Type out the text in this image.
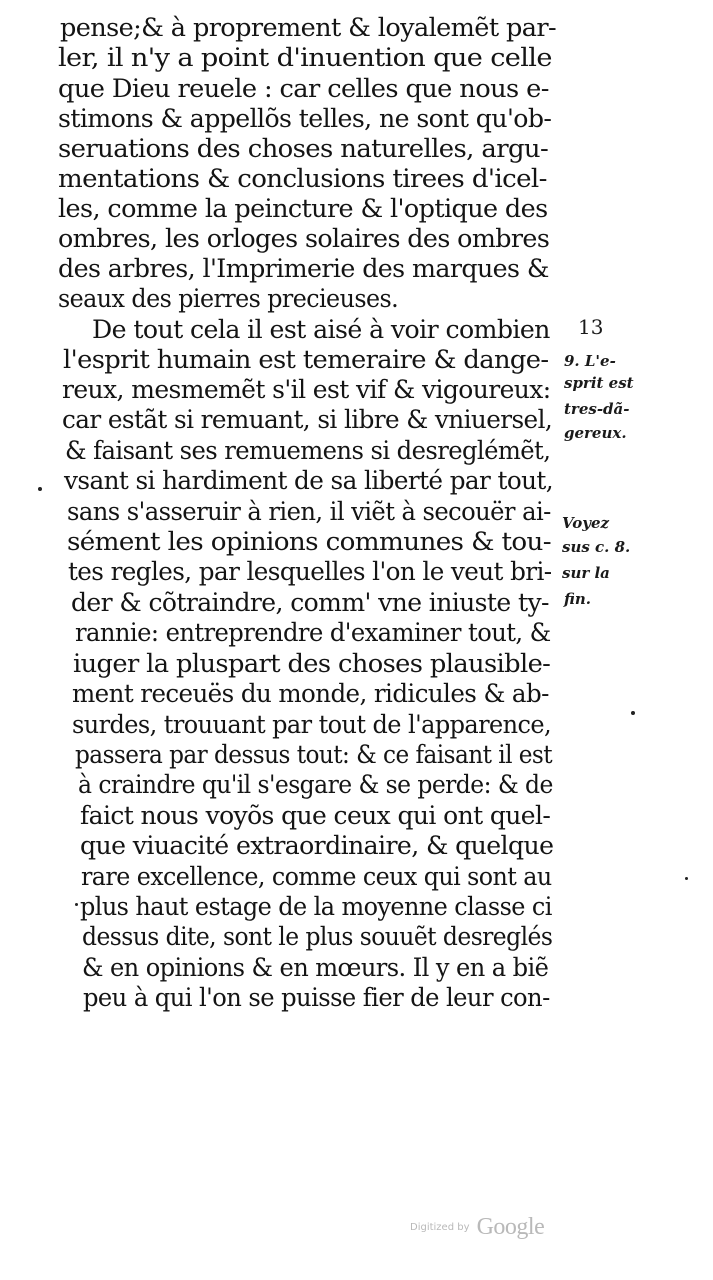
pense;& à proprement & loyalemẽt par-
ler, il n'y a point d'inuention que celle
que Dieu reuele : car celles que nous e-
stimons & appellõs telles, ne sont qu'ob-
seruations des choses naturelles, argu-
mentations & conclusions tirees d'icel-
les, comme la peincture & l'optique des
ombres, les orloges solaires des ombres
des arbres, l'Imprimerie des marques &
seaux des pierres precieuses.
De tout cela il est aisé à voir combien
l'esprit humain est temeraire & dange-
reux, mesmemẽt s'il est vif & vigoureux:
car estãt si remuant, si libre & vniuersel,
& faisant ses remuemens si desreglémẽt,
vsant si hardiment de sa liberté par tout,
sans s'asseruir à rien, il viẽt à secouër ai-
sément les opinions communes & tou-
tes regles, par lesquelles l'on le veut bri-
der & cõtraindre, comm' vne iniuste ty-
rannie: entreprendre d'examiner tout, &
iuger la pluspart des choses plausible-
ment receuës du monde, ridicules & ab-
surdes, trouuant par tout de l'apparence,
passera par dessus tout: & ce faisant il est
à craindre qu'il s'esgare & se perde: & de
faict nous voyõs que ceux qui ont quel-
que viuacité extraordinaire, & quelque
rare excellence, comme ceux qui sont au
plus haut estage de la moyenne classe ci
dessus dite, sont le plus souuẽt desreglés
& en opinions & en mœurs. Il y en a biẽ
peu à qui l'on se puisse fier de leur con-
13
9. L'e-
sprit est
tres-dã-
gereux.
Voyez
sus c. 8.
sur la
fin.
Digitized by Google
